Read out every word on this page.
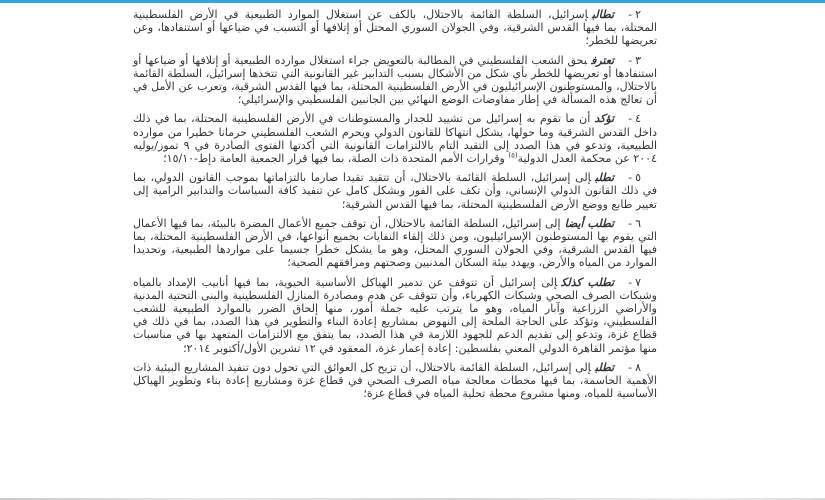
٢-تطالبإسرائيل، السلطة القائمة بالاحتلال، بالكف عن استغلال الموارد الطبيعية في الأرض الفلسطينية المحتلة، بما فيها القدس الشرقية، وفي الجولان السوري المحتل أو إتلافها أو التسبب في ضياعها أو استنفادها، وعن تعريضها للخطر؛

٣-تعترفبحق الشعب الفلسطيني في المطالبة بالتعويض جراء استغلال موارده الطبيعية أو إتلافها أو ضياعها أو استنفادها أو تعريضها للخطر بأي شكل من الأشكال بسبب التدابير غير القانونية التي تتخذها إسرائيل، السلطة القائمة بالاحتلال، والمستوطنون الإسرائيليون في الأرض الفلسطينية المحتلة، بما فيها القدس الشرقية، وتعرب عن الأمل في أن تعالج هذه المسألة في إطار مفاوضات الوضع النهائي بين الجانبين الفلسطيني والإسرائيلي؛

٤-تؤكدأن ما تقوم به إسرائيل من تشييد للجدار والمستوطنات في الأرض الفلسطينية المحتلة، بما في ذلك داخل القدس الشرقية وما حولها، يشكل انتهاكا للقانون الدولي ويحرم الشعب الفلسطيني حرمانا خطيرا من موارده الطبيعية، وتدعو في هذا الصدد إلى التقيد التام بالالتزامات القانونية التي أكدتها الفتوى الصادرة في ٩ تموز/يوليه ٢٠٠٤ عن محكمة العدل الدولية$^{(٥)}$ وقرارات الأمم المتحدة ذات الصلة، بما فيها قرار الجمعية العامة دإط-١٥/١٠؛

٥-تطلبإلى إسرائيل، السلطة القائمة بالاحتلال، أن تتقيد تقيدا صارما بالتزاماتها بموجب القانون الدولي، بما في ذلك القانون الدولي الإنساني، وأن تكف على الفور وبشكل كامل عن تنفيذ كافة السياسات والتدابير الرامية إلى تغيير طابع ووضع الأرض الفلسطينية المحتلة، بما فيها القدس الشرقية؛

٦-تطلب أيضاإلى إسرائيل، السلطة القائمة بالاحتلال، أن توقف جميع الأعمال المضرة بالبيئة، بما فيها الأعمال التي يقوم بها المستوطنون الإسرائيليون، ومن ذلك إلقاء النفايات بجميع أنواعها، في الأرض الفلسطينية المحتلة، بما فيها القدس الشرقية، وفي الجولان السوري المحتل، وهو ما يشكل خطرا جسيما على مواردها الطبيعية، وتحديدا الموارد من المياه والأرض، ويهدد بيئة السكان المدنيين وصحتهم ومرافقهم الصحية؛

٧-تطلب كذلكإلى إسرائيل أن تتوقف عن تدمير الهياكل الأساسية الحيوية، بما فيها أنابيب الإمداد بالمياه وشبكات الصرف الصحي وشبكات الكهرباء، وأن تتوقف عن هدم ومصادرة المنازل الفلسطينية والبنى التحتية المدنية والأراضي الزراعية وآبار المياه، وهو ما يترتب عليه جملة أمور، منها إلحاق الضرر بالموارد الطبيعية للشعب الفلسطيني، وتؤكد على الحاجة الملحة إلى النهوض بمشاريع إعادة البناء والتطوير في هذا الصدد، بما في ذلك في قطاع غزة، وتدعو إلى تقديم الدعم للجهود اللازمة في هذا الصدد، بما يتفق مع الالتزامات المتعهد بها في مناسبات منها مؤتمر القاهرة الدولي المعني بفلسطين: إعادة إعمار غزة، المعقود في ١٢ تشرين الأول/أكتوبر ٢٠١٤؛

٨-تطلبإلى إسرائيل، السلطة القائمة بالاحتلال، أن تزيح كل العوائق التي تحول دون تنفيذ المشاريع البيئية ذات الأهمية الحاسمة، بما فيها محطات معالجة مياه الصرف الصحي في قطاع غزة ومشاريع إعادة بناء وتطوير الهياكل الأساسية للمياه، ومنها مشروع محطة تحلية المياه في قطاع غزة؛
